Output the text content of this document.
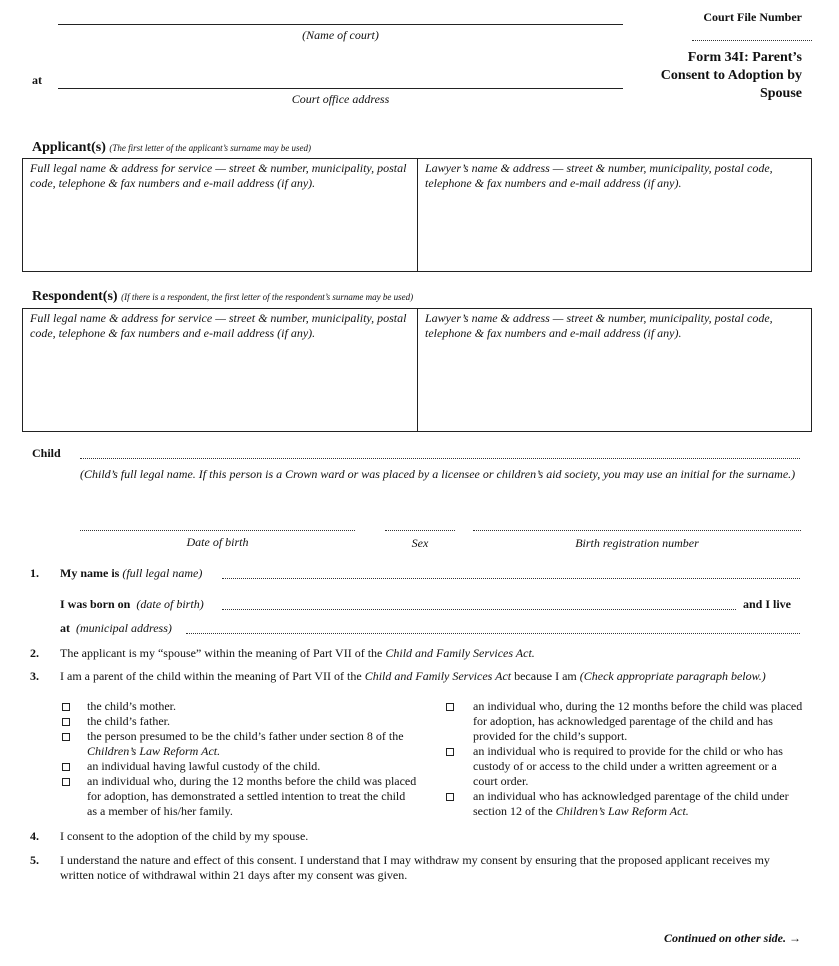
(Name of court)
at
Court office address
Court File Number
Form 34I: Parent’s
Consent to Adoption by
Spouse
Applicant(s) (The first letter of the applicant’s surname may be used)
Full legal name & address for service — street & number, municipality, postal code, telephone & fax numbers and e-mail address (if any).
Lawyer’s name & address — street & number, municipality, postal code, telephone & fax numbers and e-mail address (if any).
Respondent(s) (If there is a respondent, the first letter of the respondent’s surname may be used)
Full legal name & address for service — street & number, municipality, postal code, telephone & fax numbers and e-mail address (if any).
Lawyer’s name & address — street & number, municipality, postal code, telephone & fax numbers and e-mail address (if any).
Child
(Child’s full legal name. If this person is a Crown ward or was placed by a licensee or children’s aid society, you may use an initial for the surname.)
Date of birth	Sex	Birth registration number
1. My name is (full legal name)
I was born on (date of birth)	and I live
at (municipal address)
2. The applicant is my “spouse” within the meaning of Part VII of the Child and Family Services Act.
3. I am a parent of the child within the meaning of Part VII of the Child and Family Services Act because I am (Check appropriate paragraph below.)
the child’s mother.
the child’s father.
the person presumed to be the child’s father under section 8 of the Children’s Law Reform Act.
an individual having lawful custody of the child.
an individual who, during the 12 months before the child was placed for adoption, has demonstrated a settled intention to treat the child as a member of his/her family.
an individual who, during the 12 months before the child was placed for adoption, has acknowledged parentage of the child and has provided for the child’s support.
an individual who is required to provide for the child or who has custody of or access to the child under a written agreement or a court order.
an individual who has acknowledged parentage of the child under section 12 of the Children’s Law Reform Act.
4. I consent to the adoption of the child by my spouse.
5. I understand the nature and effect of this consent. I understand that I may withdraw my consent by ensuring that the proposed applicant receives my written notice of withdrawal within 21 days after my consent was given.
Continued on other side. →
